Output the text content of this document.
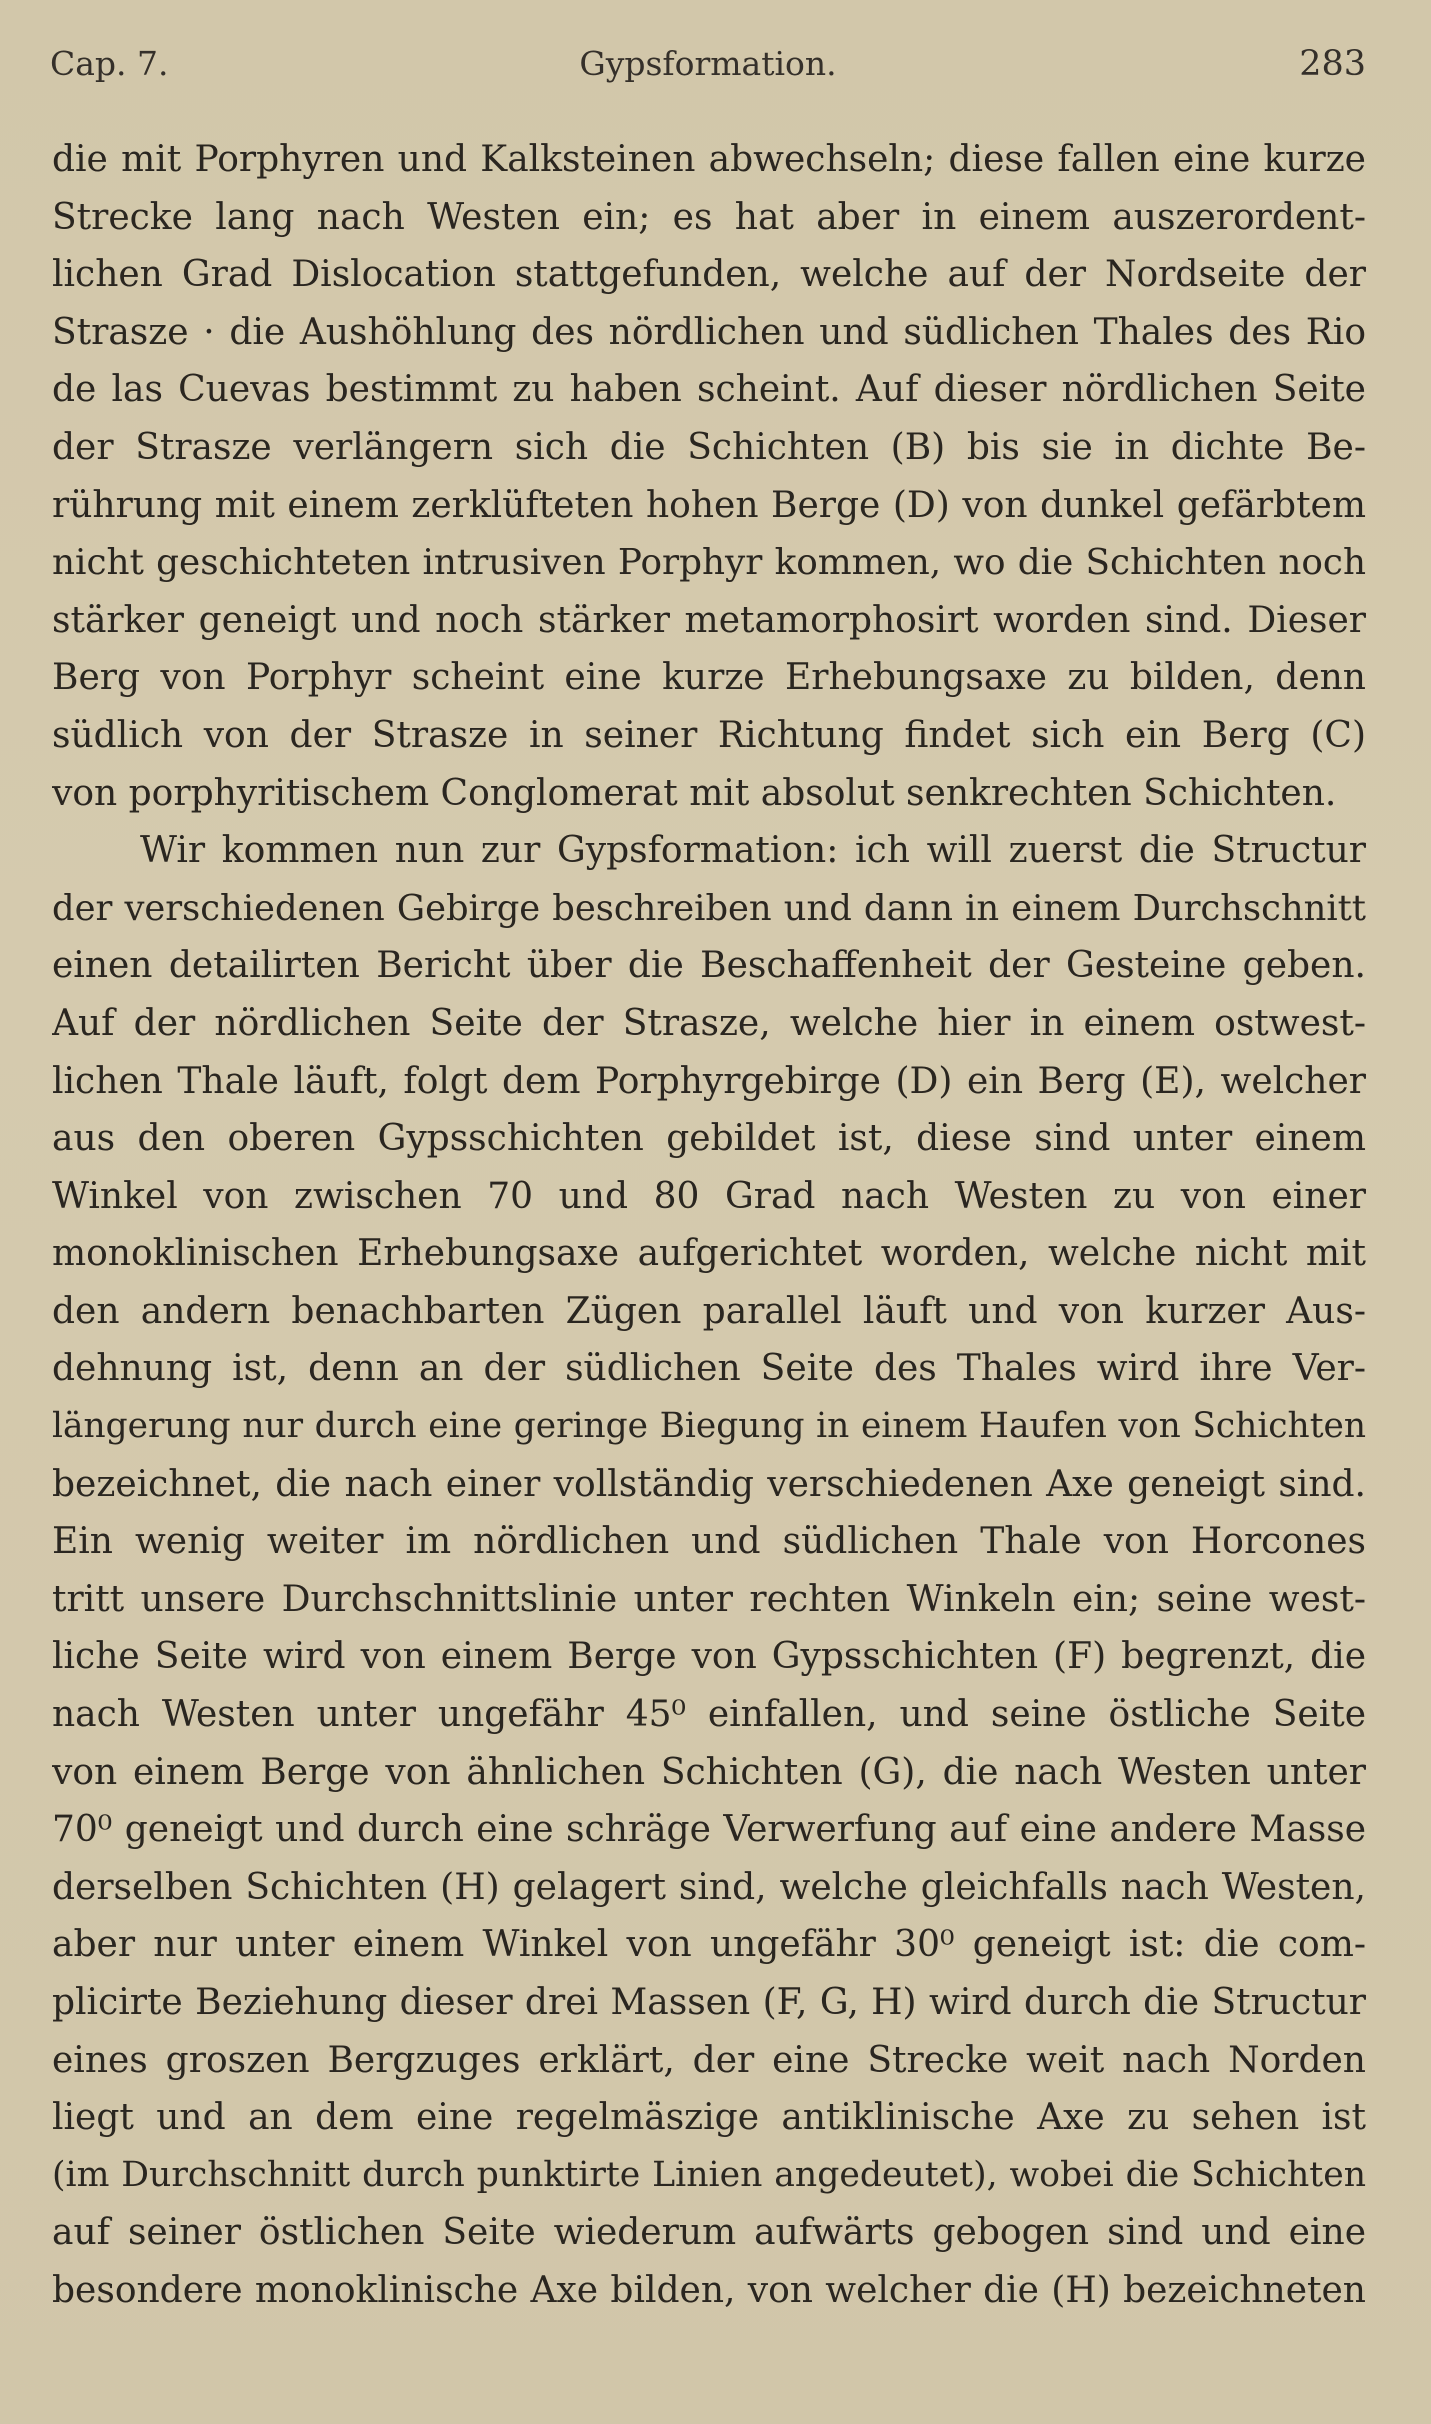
Cap. 7.	Gypsformation.	283
die mit Porphyren und Kalksteinen abwechseln; diese fallen eine kurze
Strecke lang nach Westen ein; es hat aber in einem auszerordent-
lichen Grad Dislocation stattgefunden, welche auf der Nordseite der
Strasze · die Aushöhlung des nördlichen und südlichen Thales des Rio
de las Cuevas bestimmt zu haben scheint. Auf dieser nördlichen Seite
der Strasze verlängern sich die Schichten (B) bis sie in dichte Be-
rührung mit einem zerklüfteten hohen Berge (D) von dunkel gefärbtem
nicht geschichteten intrusiven Porphyr kommen, wo die Schichten noch
stärker geneigt und noch stärker metamorphosirt worden sind. Dieser
Berg von Porphyr scheint eine kurze Erhebungsaxe zu bilden, denn
südlich von der Strasze in seiner Richtung findet sich ein Berg (C)
von porphyritischem Conglomerat mit absolut senkrechten Schichten.
Wir kommen nun zur Gypsformation: ich will zuerst die Structur
der verschiedenen Gebirge beschreiben und dann in einem Durchschnitt
einen detailirten Bericht über die Beschaffenheit der Gesteine geben.
Auf der nördlichen Seite der Strasze, welche hier in einem ostwest-
lichen Thale läuft, folgt dem Porphyrgebirge (D) ein Berg (E), welcher
aus den oberen Gypsschichten gebildet ist, diese sind unter einem
Winkel von zwischen 70 und 80 Grad nach Westen zu von einer
monoklinischen Erhebungsaxe aufgerichtet worden, welche nicht mit
den andern benachbarten Zügen parallel läuft und von kurzer Aus-
dehnung ist, denn an der südlichen Seite des Thales wird ihre Ver-
längerung nur durch eine geringe Biegung in einem Haufen von Schichten
bezeichnet, die nach einer vollständig verschiedenen Axe geneigt sind.
Ein wenig weiter im nördlichen und südlichen Thale von Horcones
tritt unsere Durchschnittslinie unter rechten Winkeln ein; seine west-
liche Seite wird von einem Berge von Gypsschichten (F) begrenzt, die
nach Westen unter ungefähr 45⁰ einfallen, und seine östliche Seite
von einem Berge von ähnlichen Schichten (G), die nach Westen unter
70⁰ geneigt und durch eine schräge Verwerfung auf eine andere Masse
derselben Schichten (H) gelagert sind, welche gleichfalls nach Westen,
aber nur unter einem Winkel von ungefähr 30⁰ geneigt ist: die com-
plicirte Beziehung dieser drei Massen (F, G, H) wird durch die Structur
eines groszen Bergzuges erklärt, der eine Strecke weit nach Norden
liegt und an dem eine regelmäszige antiklinische Axe zu sehen ist
(im Durchschnitt durch punktirte Linien angedeutet), wobei die Schichten
auf seiner östlichen Seite wiederum aufwärts gebogen sind und eine
besondere monoklinische Axe bilden, von welcher die (H) bezeichneten
